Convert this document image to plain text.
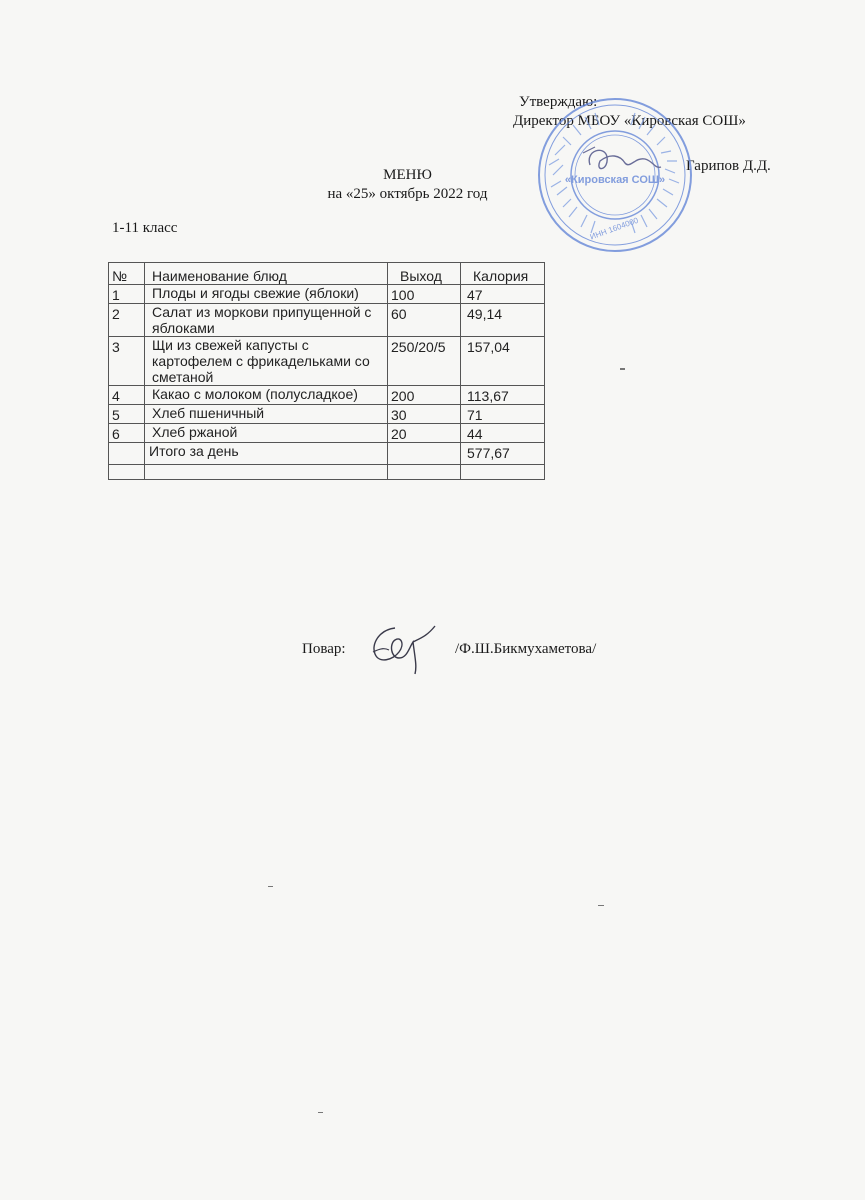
Утверждаю:
Директор МБОУ «Кировская СОШ»
Гарипов Д.Д.
«Кировская СОШ»
ИНН 1604000
МЕНЮ
на «25» октябрь 2022 год
1-11 класс
№	Наименование блюд	Выход	Калория
1	Плоды и ягоды свежие (яблоки)	100	47
2	Салат из моркови припущенной с яблоками	60	49,14
3	Щи из свежей капусты с картофелем с фрикадельками со сметаной	250/20/5	157,04
4	Какао с молоком (полусладкое)	200	113,67
5	Хлеб пшеничный	30	71
6	Хлеб ржаной	20	44
	Итого за день		577,67

Повар:	/Ф.Ш.Бикмухаметова/
